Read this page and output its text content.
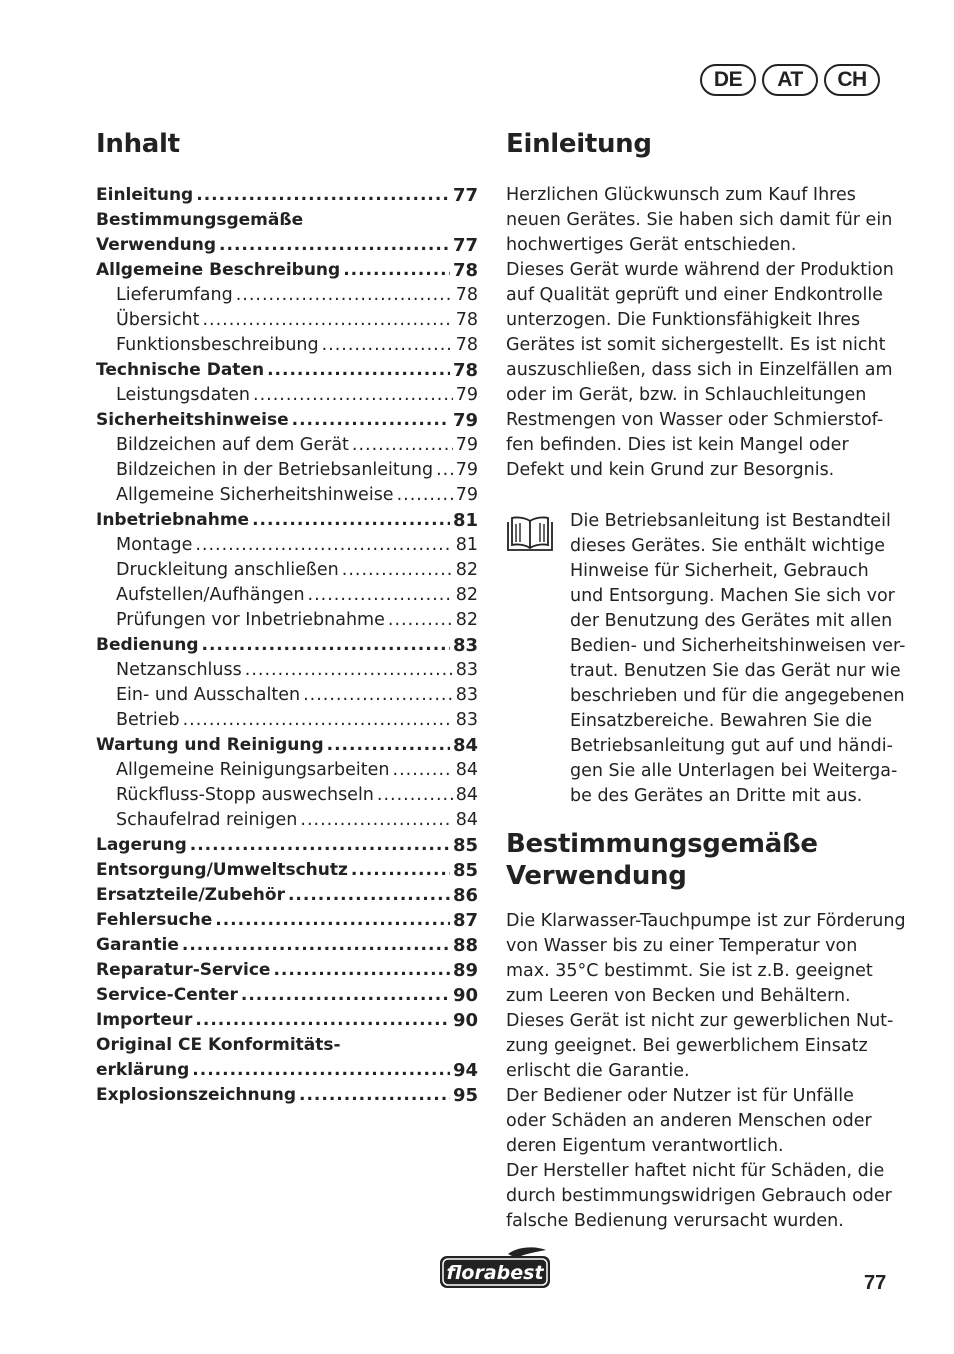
DE	AT	CH
Inhalt
Einleitung .....	77
Bestimmungsgemäße
Verwendung .....	77
Allgemeine Beschreibung .....	78
Lieferumfang .....	78
Übersicht .....	78
Funktionsbeschreibung .....	78
Technische Daten .....	78
Leistungsdaten .....	79
Sicherheitshinweise .....	79
Bildzeichen auf dem Gerät .....	79
Bildzeichen in der Betriebsanleitung ..... 79
Allgemeine Sicherheitshinweise .....	79
Inbetriebnahme .....	81
Montage .....	81
Druckleitung anschließen .....	82
Aufstellen/Aufhängen .....	82
Prüfungen vor Inbetriebnahme .....	82
Bedienung .....	83
Netzanschluss .....	83
Ein- und Ausschalten .....	83
Betrieb .....	83
Wartung und Reinigung .....	84
Allgemeine Reinigungsarbeiten .....	84
Rückfluss-Stopp auswechseln .....	84
Schaufelrad reinigen .....	84
Lagerung .....	85
Entsorgung/Umweltschutz .....	85
Ersatzteile/Zubehör .....	86
Fehlersuche .....	87
Garantie .....	88
Reparatur-Service .....	89
Service-Center .....	90
Importeur .....	90
Original CE Konformitäts-
erklärung .....	94
Explosionszeichnung .....	95
Einleitung

Herzlichen Glückwunsch zum Kauf Ihres
neuen Gerätes. Sie haben sich damit für ein
hochwertiges Gerät entschieden.
Dieses Gerät wurde während der Produktion
auf Qualität geprüft und einer Endkontrolle
unterzogen. Die Funktionsfähigkeit Ihres
Gerätes ist somit sichergestellt. Es ist nicht
auszuschließen, dass sich in Einzelfällen am
oder im Gerät, bzw. in Schlauchleitungen
Restmengen von Wasser oder Schmierstof-
fen befinden. Dies ist kein Mangel oder
Defekt und kein Grund zur Besorgnis.

Die Betriebsanleitung ist Bestandteil
dieses Gerätes. Sie enthält wichtige
Hinweise für Sicherheit, Gebrauch
und Entsorgung. Machen Sie sich vor
der Benutzung des Gerätes mit allen
Bedien- und Sicherheitshinweisen ver-
traut. Benutzen Sie das Gerät nur wie
beschrieben und für die angegebenen
Einsatzbereiche. Bewahren Sie die
Betriebsanleitung gut auf und händi-
gen Sie alle Unterlagen bei Weiterga-
be des Gerätes an Dritte mit aus.

Bestimmungsgemäße
Verwendung

Die Klarwasser-Tauchpumpe ist zur Förderung
von Wasser bis zu einer Temperatur von
max. 35°C bestimmt. Sie ist z.B. geeignet
zum Leeren von Becken und Behältern.
Dieses Gerät ist nicht zur gewerblichen Nut-
zung geeignet. Bei gewerblichem Einsatz
erlischt die Garantie.
Der Bediener oder Nutzer ist für Unfälle
oder Schäden an anderen Menschen oder
deren Eigentum verantwortlich.
Der Hersteller haftet nicht für Schäden, die
durch bestimmungswidrigen Gebrauch oder
falsche Bedienung verursacht wurden.

florabest	77
